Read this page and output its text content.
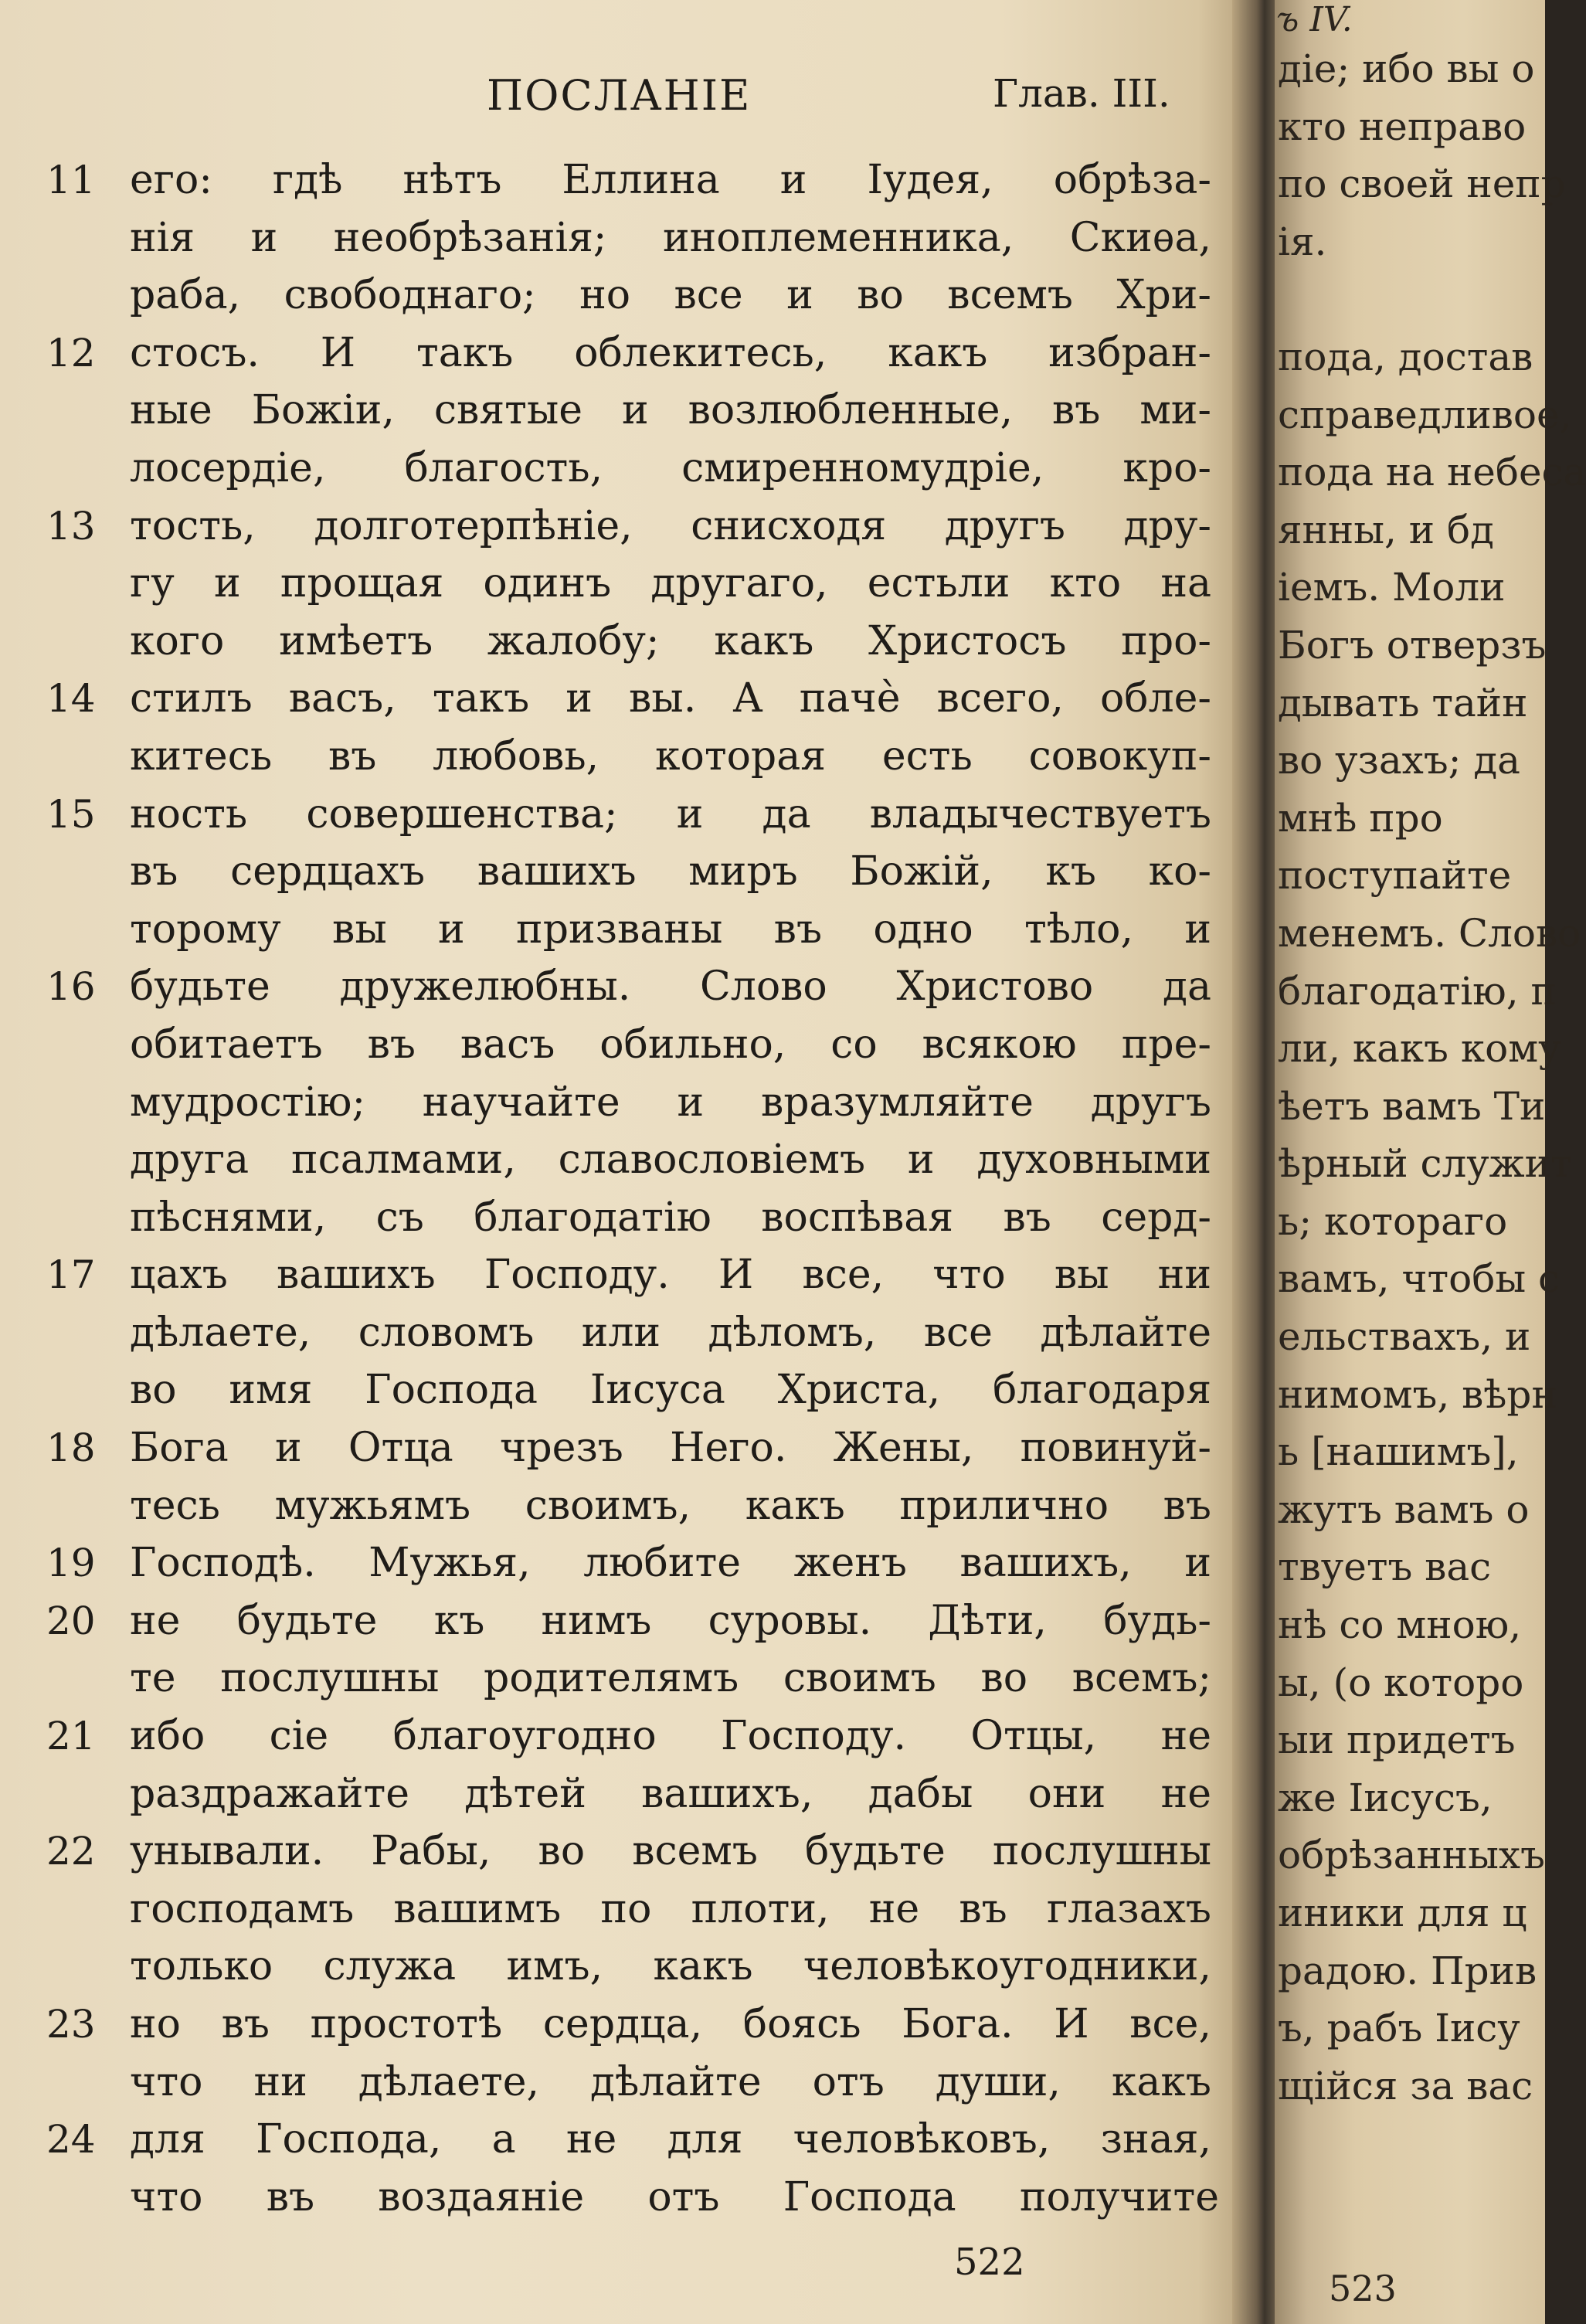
ПОСЛАНIЕ	Глав. III.
11 его: гдѣ нѣтъ Еллина и Iудея, обрѣза-
нiя и необрѣзанiя; иноплеменника, Скиѳа,
раба, свободнаго; но все и во всемъ Хри-
12 стосъ. И такъ облекитесь, какъ избран-
ные Божiи, святые и возлюбленные, въ ми-
лосердiе, благость, смиренномудрiе, кро-
13 тость, долготерпѣнiе, снисходя другъ дру-
гу и прощая одинъ другаго, естьли кто на
кого имѣетъ жалобу; какъ Христосъ про-
14 стилъ васъ, такъ и вы. А пачѐ всего, обле-
китесь въ любовь, которая есть совокуп-
15 ность совершенства; и да владычествуетъ
въ сердцахъ вашихъ миръ Божiй, къ ко-
торому вы и призваны въ одно тѣло, и
16 будьте дружелюбны. Слово Христово да
обитаетъ въ васъ обильно, со всякою пре-
мудростiю; научайте и вразумляйте другъ
друга псалмами, славословiемъ и духовными
пѣснями, съ благодатiю воспѣвая въ серд-
17 цахъ вашихъ Господу. И все, что вы ни
дѣлаете, словомъ или дѣломъ, все дѣлайте
во имя Господа Iисуса Христа, благодаря
18 Бога и Отца чрезъ Него. Жены, повинуй-
тесь мужьямъ своимъ, какъ прилично въ
19 Господѣ. Мужья, любите женъ вашихъ, и
20 не будьте къ нимъ суровы. Дѣти, будь-
те послушны родителямъ своимъ во всемъ;
21 ибо сiе благоугодно Господу. Отцы, не
раздражайте дѣтей вашихъ, дабы они не
22 унывали. Рабы, во всемъ будьте послушны
господамъ вашимъ по плоти, не въ глазахъ
только служа имъ, какъ человѣкоугодники,
23 но въ простотѣ сердца, боясь Бога. И все,
что ни дѣлаете, дѣлайте отъ души, какъ
24 для Господа, а не для человѣковъ, зная,
что въ воздаянiе отъ Господа получите
522
ъ IV.
дiе; ибо вы о
кто неправо
по своей непр
iя.
пода, достав
справедливое,
пода на небеса
янны, и бд
iемъ. Моли
Богъ отверзъ
дывать тайн
во узахъ; да
мнѣ про
поступайте
менемъ. Слово
благодатiю, п
ли, какъ кому
ѣетъ вамъ Ти
ѣрный служит
ь; котораго
вамъ, чтобы с
ельствахъ, и
нимомъ, вѣрн
ь [нашимъ],
жутъ вамъ о
твуетъ вас
нѣ со мною,
ы, (о которо
ыи придетъ
же Iисусъ,
обрѣзанныхъ
иники для ц
радою. Прив
ъ, рабъ Iису
щiйся за вас
523
